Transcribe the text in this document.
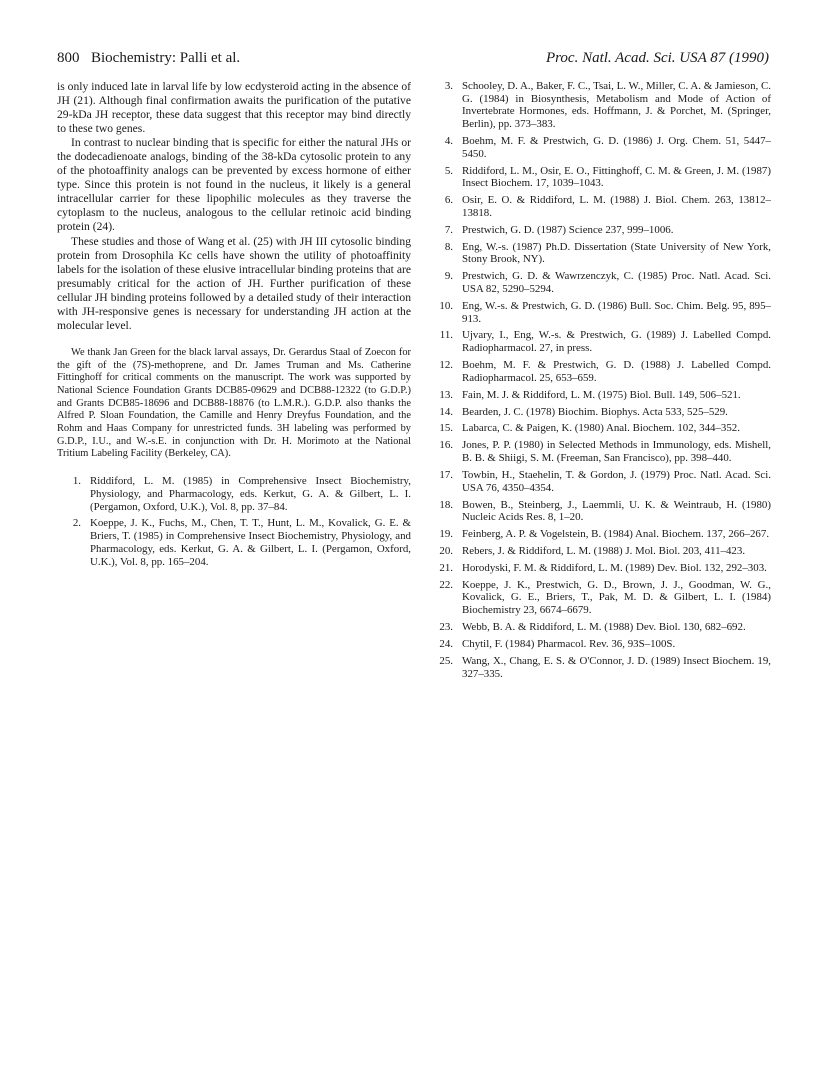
800 Biochemistry: Palli et al.	Proc. Natl. Acad. Sci. USA 87 (1990)

is only induced late in larval life by low ecdysteroid acting in the absence of JH (21). Although final confirmation awaits the purification of the putative 29-kDa JH receptor, these data suggest that this receptor may bind directly to these two genes.

In contrast to nuclear binding that is specific for either the natural JHs or the dodecadienoate analogs, binding of the 38-kDa cytosolic protein to any of the photoaffinity analogs can be prevented by excess hormone of either type. Since this protein is not found in the nucleus, it likely is a general intracellular carrier for these lipophilic molecules as they traverse the cytoplasm to the nucleus, analogous to the cellular retinoic acid binding protein (24).

These studies and those of Wang et al. (25) with JH III cytosolic binding protein from Drosophila Kc cells have shown the utility of photoaffinity labels for the isolation of these elusive intracellular binding proteins that are presumably critical for the action of JH. Further purification of these cellular JH binding proteins followed by a detailed study of their interaction with JH-responsive genes is necessary for understanding JH action at the molecular level.

We thank Jan Green for the black larval assays, Dr. Gerardus Staal of Zoecon for the gift of the (7S)-methoprene, and Dr. James Truman and Ms. Catherine Fittinghoff for critical comments on the manuscript. The work was supported by National Science Foundation Grants DCB85-09629 and DCB88-12322 (to G.D.P.) and Grants DCB85-18696 and DCB88-18876 (to L.M.R.). G.D.P. also thanks the Alfred P. Sloan Foundation, the Camille and Henry Dreyfus Foundation, and the Rohm and Haas Company for unrestricted funds. 3H labeling was performed by G.D.P., I.U., and W.-s.E. in conjunction with Dr. H. Morimoto at the National Tritium Labeling Facility (Berkeley, CA).

1. Riddiford, L. M. (1985) in Comprehensive Insect Biochemistry, Physiology, and Pharmacology, eds. Kerkut, G. A. & Gilbert, L. I. (Pergamon, Oxford, U.K.), Vol. 8, pp. 37–84.
2. Koeppe, J. K., Fuchs, M., Chen, T. T., Hunt, L. M., Kovalick, G. E. & Briers, T. (1985) in Comprehensive Insect Biochemistry, Physiology, and Pharmacology, eds. Kerkut, G. A. & Gilbert, L. I. (Pergamon, Oxford, U.K.), Vol. 8, pp. 165–204.
3. Schooley, D. A., Baker, F. C., Tsai, L. W., Miller, C. A. & Jamieson, C. G. (1984) in Biosynthesis, Metabolism and Mode of Action of Invertebrate Hormones, eds. Hoffmann, J. & Porchet, M. (Springer, Berlin), pp. 373–383.
4. Boehm, M. F. & Prestwich, G. D. (1986) J. Org. Chem. 51, 5447–5450.
5. Riddiford, L. M., Osir, E. O., Fittinghoff, C. M. & Green, J. M. (1987) Insect Biochem. 17, 1039–1043.
6. Osir, E. O. & Riddiford, L. M. (1988) J. Biol. Chem. 263, 13812–13818.
7. Prestwich, G. D. (1987) Science 237, 999–1006.
8. Eng, W.-s. (1987) Ph.D. Dissertation (State University of New York, Stony Brook, NY).
9. Prestwich, G. D. & Wawrzenczyk, C. (1985) Proc. Natl. Acad. Sci. USA 82, 5290–5294.
10. Eng, W.-s. & Prestwich, G. D. (1986) Bull. Soc. Chim. Belg. 95, 895–913.
11. Ujvary, I., Eng, W.-s. & Prestwich, G. (1989) J. Labelled Compd. Radiopharmacol. 27, in press.
12. Boehm, M. F. & Prestwich, G. D. (1988) J. Labelled Compd. Radiopharmacol. 25, 653–659.
13. Fain, M. J. & Riddiford, L. M. (1975) Biol. Bull. 149, 506–521.
14. Bearden, J. C. (1978) Biochim. Biophys. Acta 533, 525–529.
15. Labarca, C. & Paigen, K. (1980) Anal. Biochem. 102, 344–352.
16. Jones, P. P. (1980) in Selected Methods in Immunology, eds. Mishell, B. B. & Shiigi, S. M. (Freeman, San Francisco), pp. 398–440.
17. Towbin, H., Staehelin, T. & Gordon, J. (1979) Proc. Natl. Acad. Sci. USA 76, 4350–4354.
18. Bowen, B., Steinberg, J., Laemmli, U. K. & Weintraub, H. (1980) Nucleic Acids Res. 8, 1–20.
19. Feinberg, A. P. & Vogelstein, B. (1984) Anal. Biochem. 137, 266–267.
20. Rebers, J. & Riddiford, L. M. (1988) J. Mol. Biol. 203, 411–423.
21. Horodyski, F. M. & Riddiford, L. M. (1989) Dev. Biol. 132, 292–303.
22. Koeppe, J. K., Prestwich, G. D., Brown, J. J., Goodman, W. G., Kovalick, G. E., Briers, T., Pak, M. D. & Gilbert, L. I. (1984) Biochemistry 23, 6674–6679.
23. Webb, B. A. & Riddiford, L. M. (1988) Dev. Biol. 130, 682–692.
24. Chytil, F. (1984) Pharmacol. Rev. 36, 93S–100S.
25. Wang, X., Chang, E. S. & O'Connor, J. D. (1989) Insect Biochem. 19, 327–335.
